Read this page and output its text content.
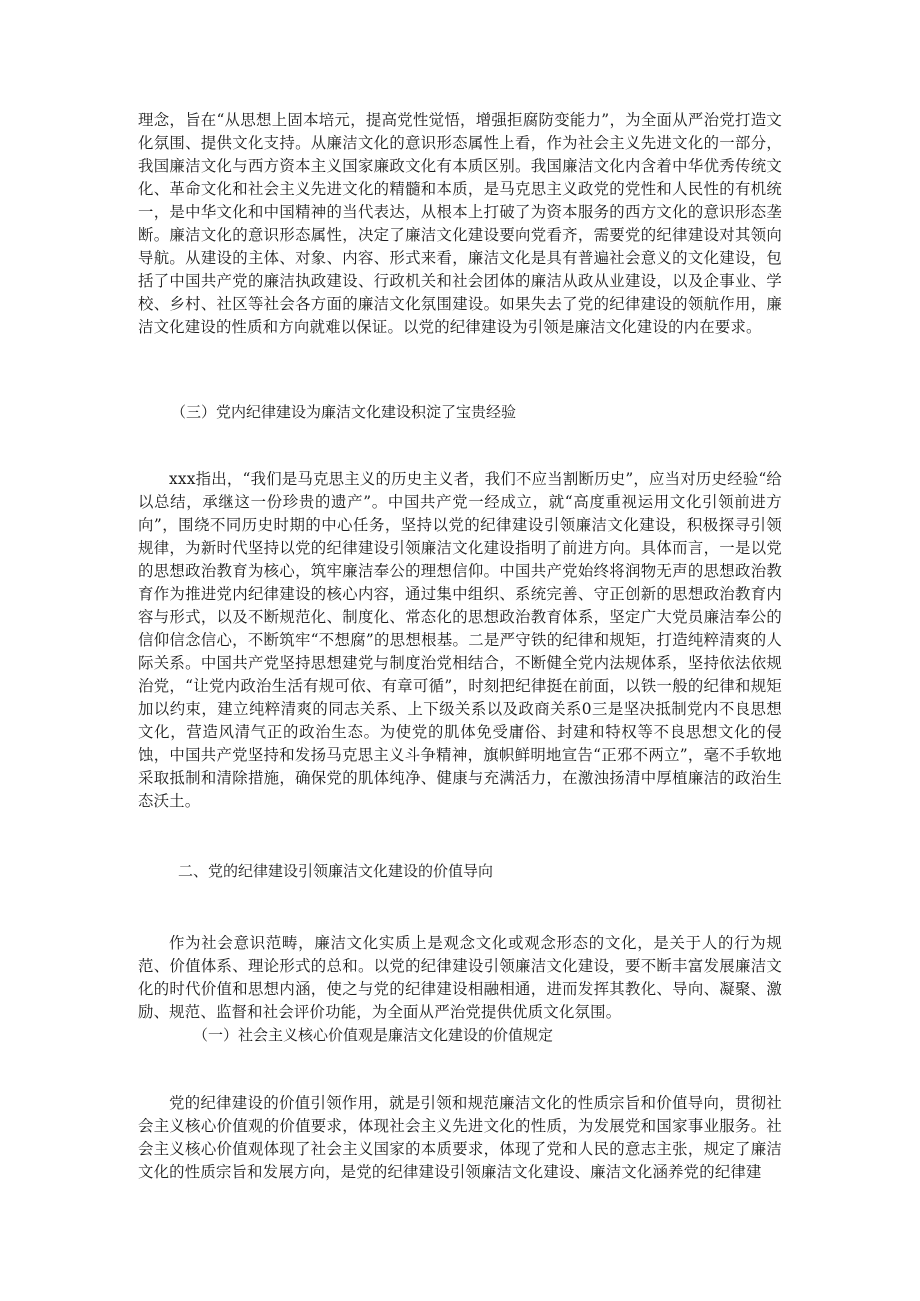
理念，旨在“从思想上固本培元，提高党性觉悟，增强拒腐防变能力”，为全面从严治党打造文化氛围、提供文化支持。从廉洁文化的意识形态属性上看，作为社会主义先进文化的一部分，我国廉洁文化与西方资本主义国家廉政文化有本质区别。我国廉洁文化内含着中华优秀传统文化、革命文化和社会主义先进文化的精髓和本质，是马克思主义政党的党性和人民性的有机统一，是中华文化和中国精神的当代表达，从根本上打破了为资本服务的西方文化的意识形态垄断。廉洁文化的意识形态属性，决定了廉洁文化建设要向党看齐，需要党的纪律建设对其领向导航。从建设的主体、对象、内容、形式来看，廉洁文化是具有普遍社会意义的文化建设，包括了中国共产党的廉洁执政建设、行政机关和社会团体的廉洁从政从业建设，以及企事业、学校、乡村、社区等社会各方面的廉洁文化氛围建设。如果失去了党的纪律建设的领航作用，廉洁文化建设的性质和方向就难以保证。以党的纪律建设为引领是廉洁文化建设的内在要求。

（三）党内纪律建设为廉洁文化建设积淀了宝贵经验

xxx指出，“我们是马克思主义的历史主义者，我们不应当割断历史”，应当对历史经验“给以总结，承继这一份珍贵的遗产”。中国共产党一经成立，就“高度重视运用文化引领前进方向”，围绕不同历史时期的中心任务，坚持以党的纪律建设引领廉洁文化建设，积极探寻引领规律，为新时代坚持以党的纪律建设引领廉洁文化建设指明了前进方向。具体而言，一是以党的思想政治教育为核心，筑牢廉洁奉公的理想信仰。中国共产党始终将润物无声的思想政治教育作为推进党内纪律建设的核心内容，通过集中组织、系统完善、守正创新的思想政治教育内容与形式，以及不断规范化、制度化、常态化的思想政治教育体系，坚定广大党员廉洁奉公的信仰信念信心，不断筑牢“不想腐”的思想根基。二是严守铁的纪律和规矩，打造纯粹清爽的人际关系。中国共产党坚持思想建党与制度治党相结合，不断健全党内法规体系，坚持依法依规治党，“让党内政治生活有规可依、有章可循”，时刻把纪律挺在前面，以铁一般的纪律和规矩加以约束，建立纯粹清爽的同志关系、上下级关系以及政商关系0三是坚决抵制党内不良思想文化，营造风清气正的政治生态。为使党的肌体免受庸俗、封建和特权等不良思想文化的侵蚀，中国共产党坚持和发扬马克思主义斗争精神，旗帜鲜明地宣告“正邪不两立”，毫不手软地采取抵制和清除措施，确保党的肌体纯净、健康与充满活力，在激浊扬清中厚植廉洁的政治生态沃土。

二、党的纪律建设引领廉洁文化建设的价值导向

作为社会意识范畴，廉洁文化实质上是观念文化或观念形态的文化，是关于人的行为规范、价值体系、理论形式的总和。以党的纪律建设引领廉洁文化建设，要不断丰富发展廉洁文化的时代价值和思想内涵，使之与党的纪律建设相融相通，进而发挥其教化、导向、凝聚、激励、规范、监督和社会评价功能，为全面从严治党提供优质文化氛围。

（一）社会主义核心价值观是廉洁文化建设的价值规定

党的纪律建设的价值引领作用，就是引领和规范廉洁文化的性质宗旨和价值导向，贯彻社会主义核心价值观的价值要求，体现社会主义先进文化的性质，为发展党和国家事业服务。社会主义核心价值观体现了社会主义国家的本质要求，体现了党和人民的意志主张，规定了廉洁文化的性质宗旨和发展方向，是党的纪律建设引领廉洁文化建设、廉洁文化涵养党的纪律建
